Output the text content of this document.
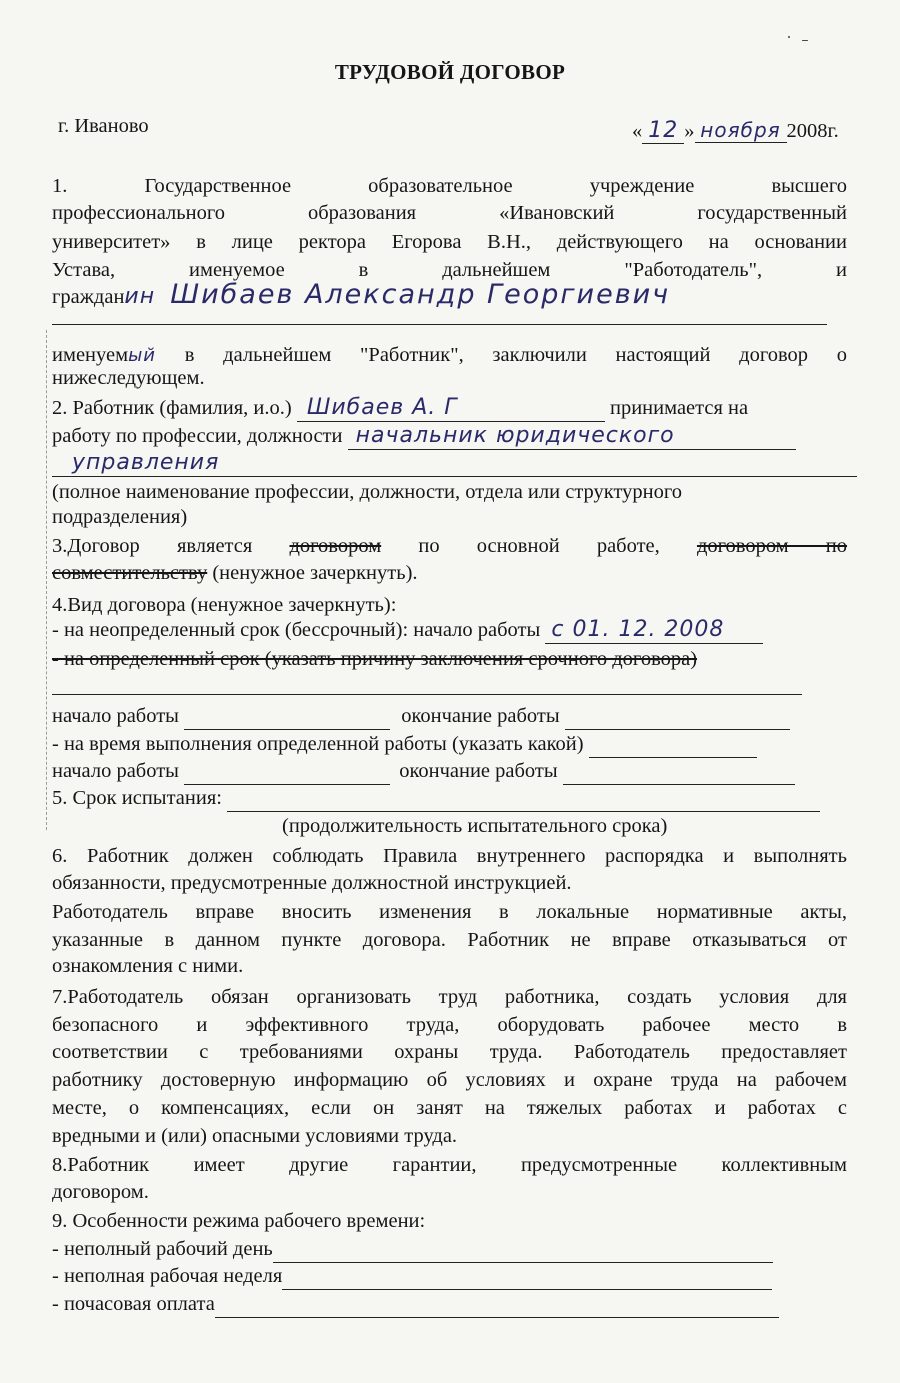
ТРУДОВОЙ ДОГОВОР
г. Иваново	« 12 » ноября 2008г.
1.	Государственное	образовательное	учреждение	высшего
профессионального	образования	«Ивановский	государственный
университет» в лице ректора Егорова В.Н., действующего на основании
Устава,	именуемое	в	дальнейшем	"Работодатель",	и
гражданин Шибаев Александр Георгиевич
именуемый в дальнейшем "Работник", заключили настоящий договор о
нижеследующем.
2. Работник (фамилия, и.о.) Шибаев А. Г	принимается на
работу по профессии, должности начальник юридического
управления
(полное наименование профессии, должности, отдела или структурного
подразделения)
3.Договор является договором по основной работе, договором по
совместительству (ненужное зачеркнуть).
4.Вид договора (ненужное зачеркнуть):
- на неопределенный срок (бессрочный): начало работы с 01. 12. 2008
- на определенный срок (указать причину заключения срочного договора)
начало работы	окончание работы
- на время выполнения определенной работы (указать какой)
начало работы	окончание работы
5. Срок испытания:
(продолжительность испытательного срока)
6. Работник должен соблюдать Правила внутреннего распорядка и выполнять
обязанности, предусмотренные должностной инструкцией.
Работодатель вправе вносить изменения в локальные нормативные акты,
указанные в данном пункте договора. Работник не вправе отказываться от
ознакомления с ними.
7.Работодатель обязан организовать труд работника, создать условия для
безопасного и эффективного труда, оборудовать рабочее место в
соответствии с требованиями охраны труда. Работодатель предоставляет
работнику достоверную информацию об условиях и охране труда на рабочем
месте, о компенсациях, если он занят на тяжелых работах и работах с
вредными и (или) опасными условиями труда.
8.Работник имеет другие гарантии, предусмотренные коллективным
договором.
9. Особенности режима рабочего времени:
- неполный рабочий день
- неполная рабочая неделя
- почасовая оплата
